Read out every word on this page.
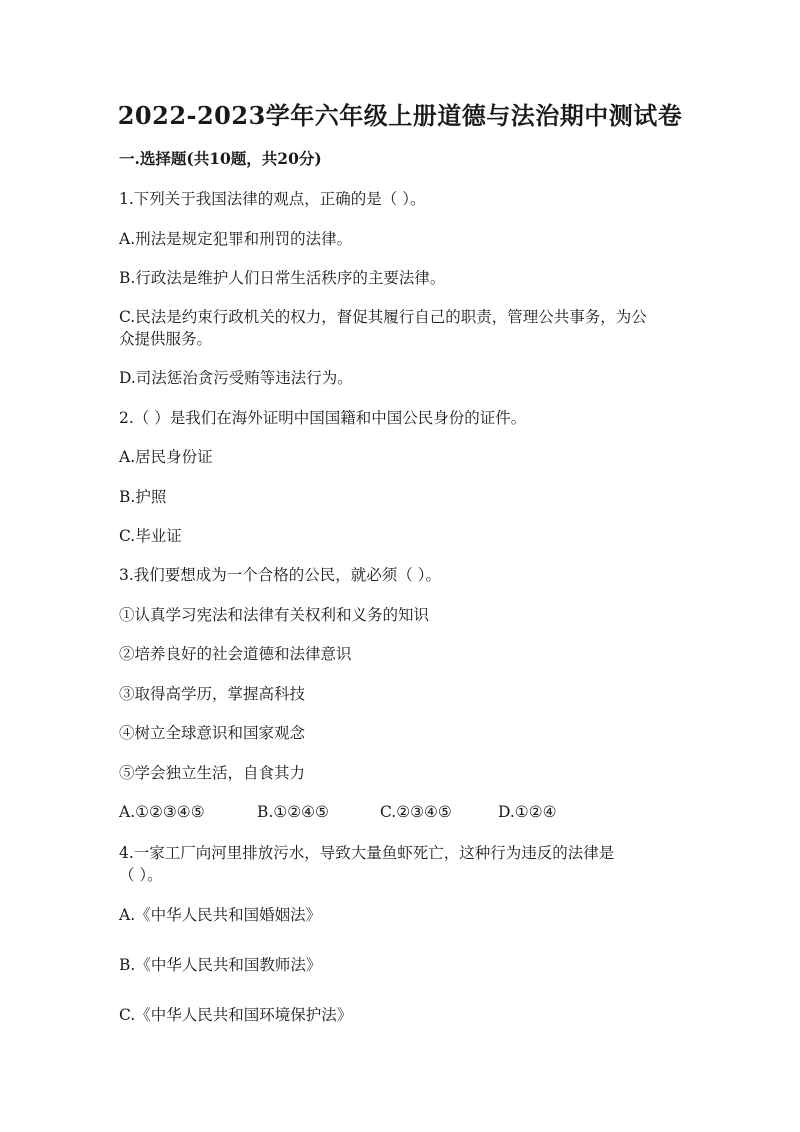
2022-2023学年六年级上册道德与法治期中测试卷
一.选择题(共10题，共20分)
1.下列关于我国法律的观点，正确的是（ ）。
A.刑法是规定犯罪和刑罚的法律。
B.行政法是维护人们日常生活秩序的主要法律。
C.民法是约束行政机关的权力，督促其履行自己的职责，管理公共事务，为公
众提供服务。
D.司法惩治贪污受贿等违法行为。
2.（ ）是我们在海外证明中国国籍和中国公民身份的证件。
A.居民身份证
B.护照
C.毕业证
3.我们要想成为一个合格的公民，就必须（ ）。
①认真学习宪法和法律有关权利和义务的知识
②培养良好的社会道德和法律意识
③取得高学历，掌握高科技
④树立全球意识和国家观念
⑤学会独立生活，自食其力
A.①②③④⑤	B.①②④⑤	C.②③④⑤	D.①②④
4.一家工厂向河里排放污水，导致大量鱼虾死亡，这种行为违反的法律是
（ ）。
A.《中华人民共和国婚姻法》
B.《中华人民共和国教师法》
C.《中华人民共和国环境保护法》
